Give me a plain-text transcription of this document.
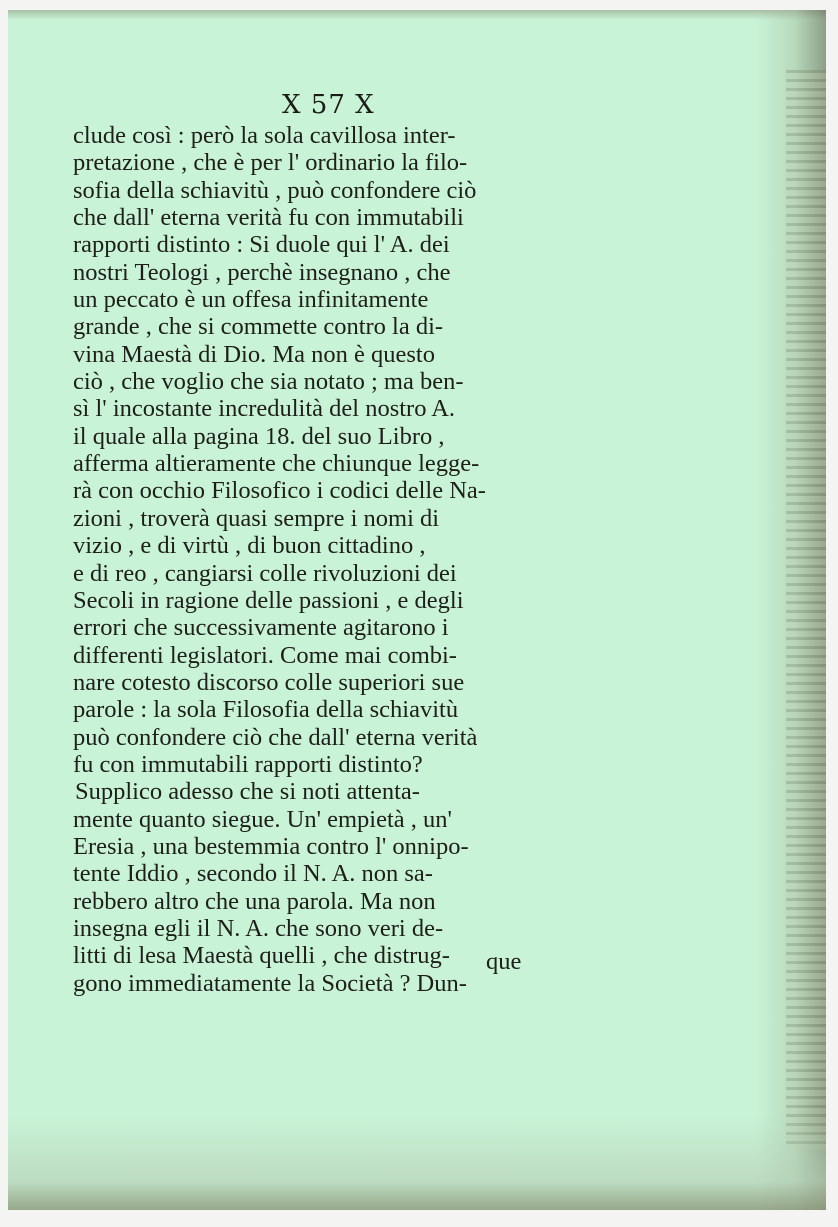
X 57 X
clude così : però la sola cavillosa inter-
pretazione , che è per l' ordinario la filo-
sofia della schiavitù , può confondere ciò
che dall' eterna verità fu con immutabili
rapporti distinto : Si duole qui l' A. dei
nostri Teologi , perchè insegnano , che
un peccato è un offesa infinitamente
grande , che si commette contro la di-
vina Maestà di Dio. Ma non è questo
ciò , che voglio che sia notato ; ma ben-
sì l' incostante incredulità del nostro A.
il quale alla pagina 18. del suo Libro ,
afferma altieramente che chiunque legge-
rà con occhio Filosofico i codici delle Na-
zioni , troverà quasi sempre i nomi di
vizio , e di virtù , di buon cittadino ,
e di reo , cangiarsi colle rivoluzioni dei
Secoli in ragione delle passioni , e degli
errori che successivamente agitarono i
differenti legislatori. Come mai combi-
nare cotesto discorso colle superiori sue
parole : la sola Filosofia della schiavitù
può confondere ciò che dall' eterna verità
fu con immutabili rapporti distinto?
Supplico adesso che si noti attenta-
mente quanto siegue. Un' empietà , un'
Eresia , una bestemmia contro l' onnipo-
tente Iddio , secondo il N. A. non sa-
rebbero altro che una parola. Ma non
insegna egli il N. A. che sono veri de-
litti di lesa Maestà quelli , che distrug-
gono immediatamente la Società ? Dun-
que
